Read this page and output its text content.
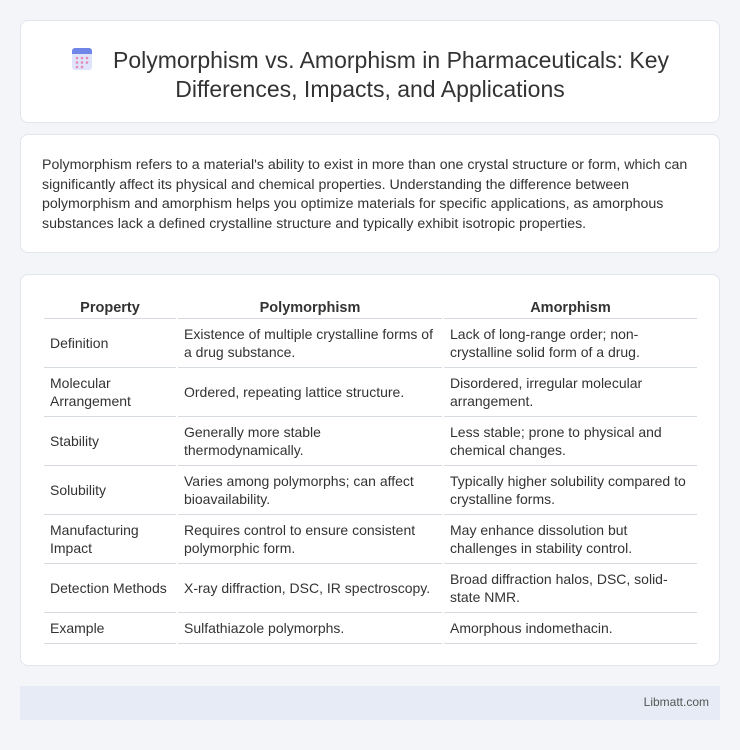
Polymorphism vs. Amorphism in Pharmaceuticals: Key Differences, Impacts, and Applications

Polymorphism refers to a material's ability to exist in more than one crystal structure or form, which can significantly affect its physical and chemical properties. Understanding the difference between polymorphism and amorphism helps you optimize materials for specific applications, as amorphous substances lack a defined crystalline structure and typically exhibit isotropic properties.

Property	Polymorphism	Amorphism
Definition	Existence of multiple crystalline forms of a drug substance.	Lack of long-range order; non-crystalline solid form of a drug.
Molecular Arrangement	Ordered, repeating lattice structure.	Disordered, irregular molecular arrangement.
Stability	Generally more stable thermodynamically.	Less stable; prone to physical and chemical changes.
Solubility	Varies among polymorphs; can affect bioavailability.	Typically higher solubility compared to crystalline forms.
Manufacturing Impact	Requires control to ensure consistent polymorphic form.	May enhance dissolution but challenges in stability control.
Detection Methods	X-ray diffraction, DSC, IR spectroscopy.	Broad diffraction halos, DSC, solid-state NMR.
Example	Sulfathiazole polymorphs.	Amorphous indomethacin.
Libmatt.com
